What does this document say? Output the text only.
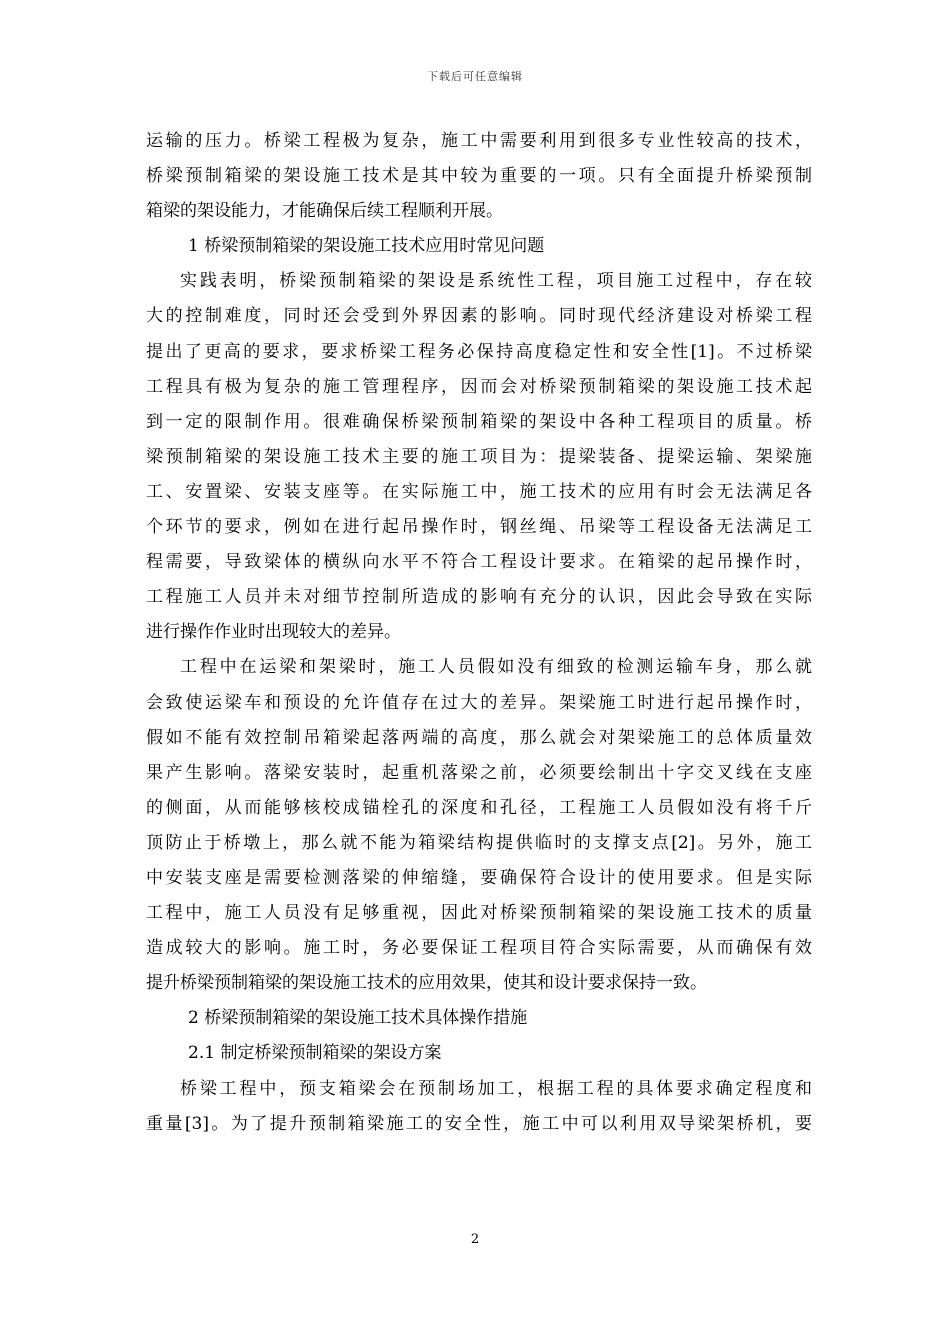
下载后可任意编辑
运输的压力。桥梁工程极为复杂，施工中需要利用到很多专业性较高的技术，
桥梁预制箱梁的架设施工技术是其中较为重要的一项。只有全面提升桥梁预制
箱梁的架设能力，才能确保后续工程顺利开展。
1 桥梁预制箱梁的架设施工技术应用时常见问题
实践表明，桥梁预制箱梁的架设是系统性工程，项目施工过程中，存在较
大的控制难度，同时还会受到外界因素的影响。同时现代经济建设对桥梁工程
提出了更高的要求，要求桥梁工程务必保持高度稳定性和安全性[1]。不过桥梁
工程具有极为复杂的施工管理程序，因而会对桥梁预制箱梁的架设施工技术起
到一定的限制作用。很难确保桥梁预制箱梁的架设中各种工程项目的质量。桥
梁预制箱梁的架设施工技术主要的施工项目为：提梁装备、提梁运输、架梁施
工、安置梁、安装支座等。在实际施工中，施工技术的应用有时会无法满足各
个环节的要求，例如在进行起吊操作时，钢丝绳、吊梁等工程设备无法满足工
程需要，导致梁体的横纵向水平不符合工程设计要求。在箱梁的起吊操作时，
工程施工人员并未对细节控制所造成的影响有充分的认识，因此会导致在实际
进行操作作业时出现较大的差异。
工程中在运梁和架梁时，施工人员假如没有细致的检测运输车身，那么就
会致使运梁车和预设的允许值存在过大的差异。架梁施工时进行起吊操作时，
假如不能有效控制吊箱梁起落两端的高度，那么就会对架梁施工的总体质量效
果产生影响。落梁安装时，起重机落梁之前，必须要绘制出十字交叉线在支座
的侧面，从而能够核校成锚栓孔的深度和孔径，工程施工人员假如没有将千斤
顶防止于桥墩上，那么就不能为箱梁结构提供临时的支撑支点[2]。另外，施工
中安装支座是需要检测落梁的伸缩缝，要确保符合设计的使用要求。但是实际
工程中，施工人员没有足够重视，因此对桥梁预制箱梁的架设施工技术的质量
造成较大的影响。施工时，务必要保证工程项目符合实际需要，从而确保有效
提升桥梁预制箱梁的架设施工技术的应用效果，使其和设计要求保持一致。
2 桥梁预制箱梁的架设施工技术具体操作措施
2.1 制定桥梁预制箱梁的架设方案
桥梁工程中，预支箱梁会在预制场加工，根据工程的具体要求确定程度和
重量[3]。为了提升预制箱梁施工的安全性，施工中可以利用双导梁架桥机，要
2
